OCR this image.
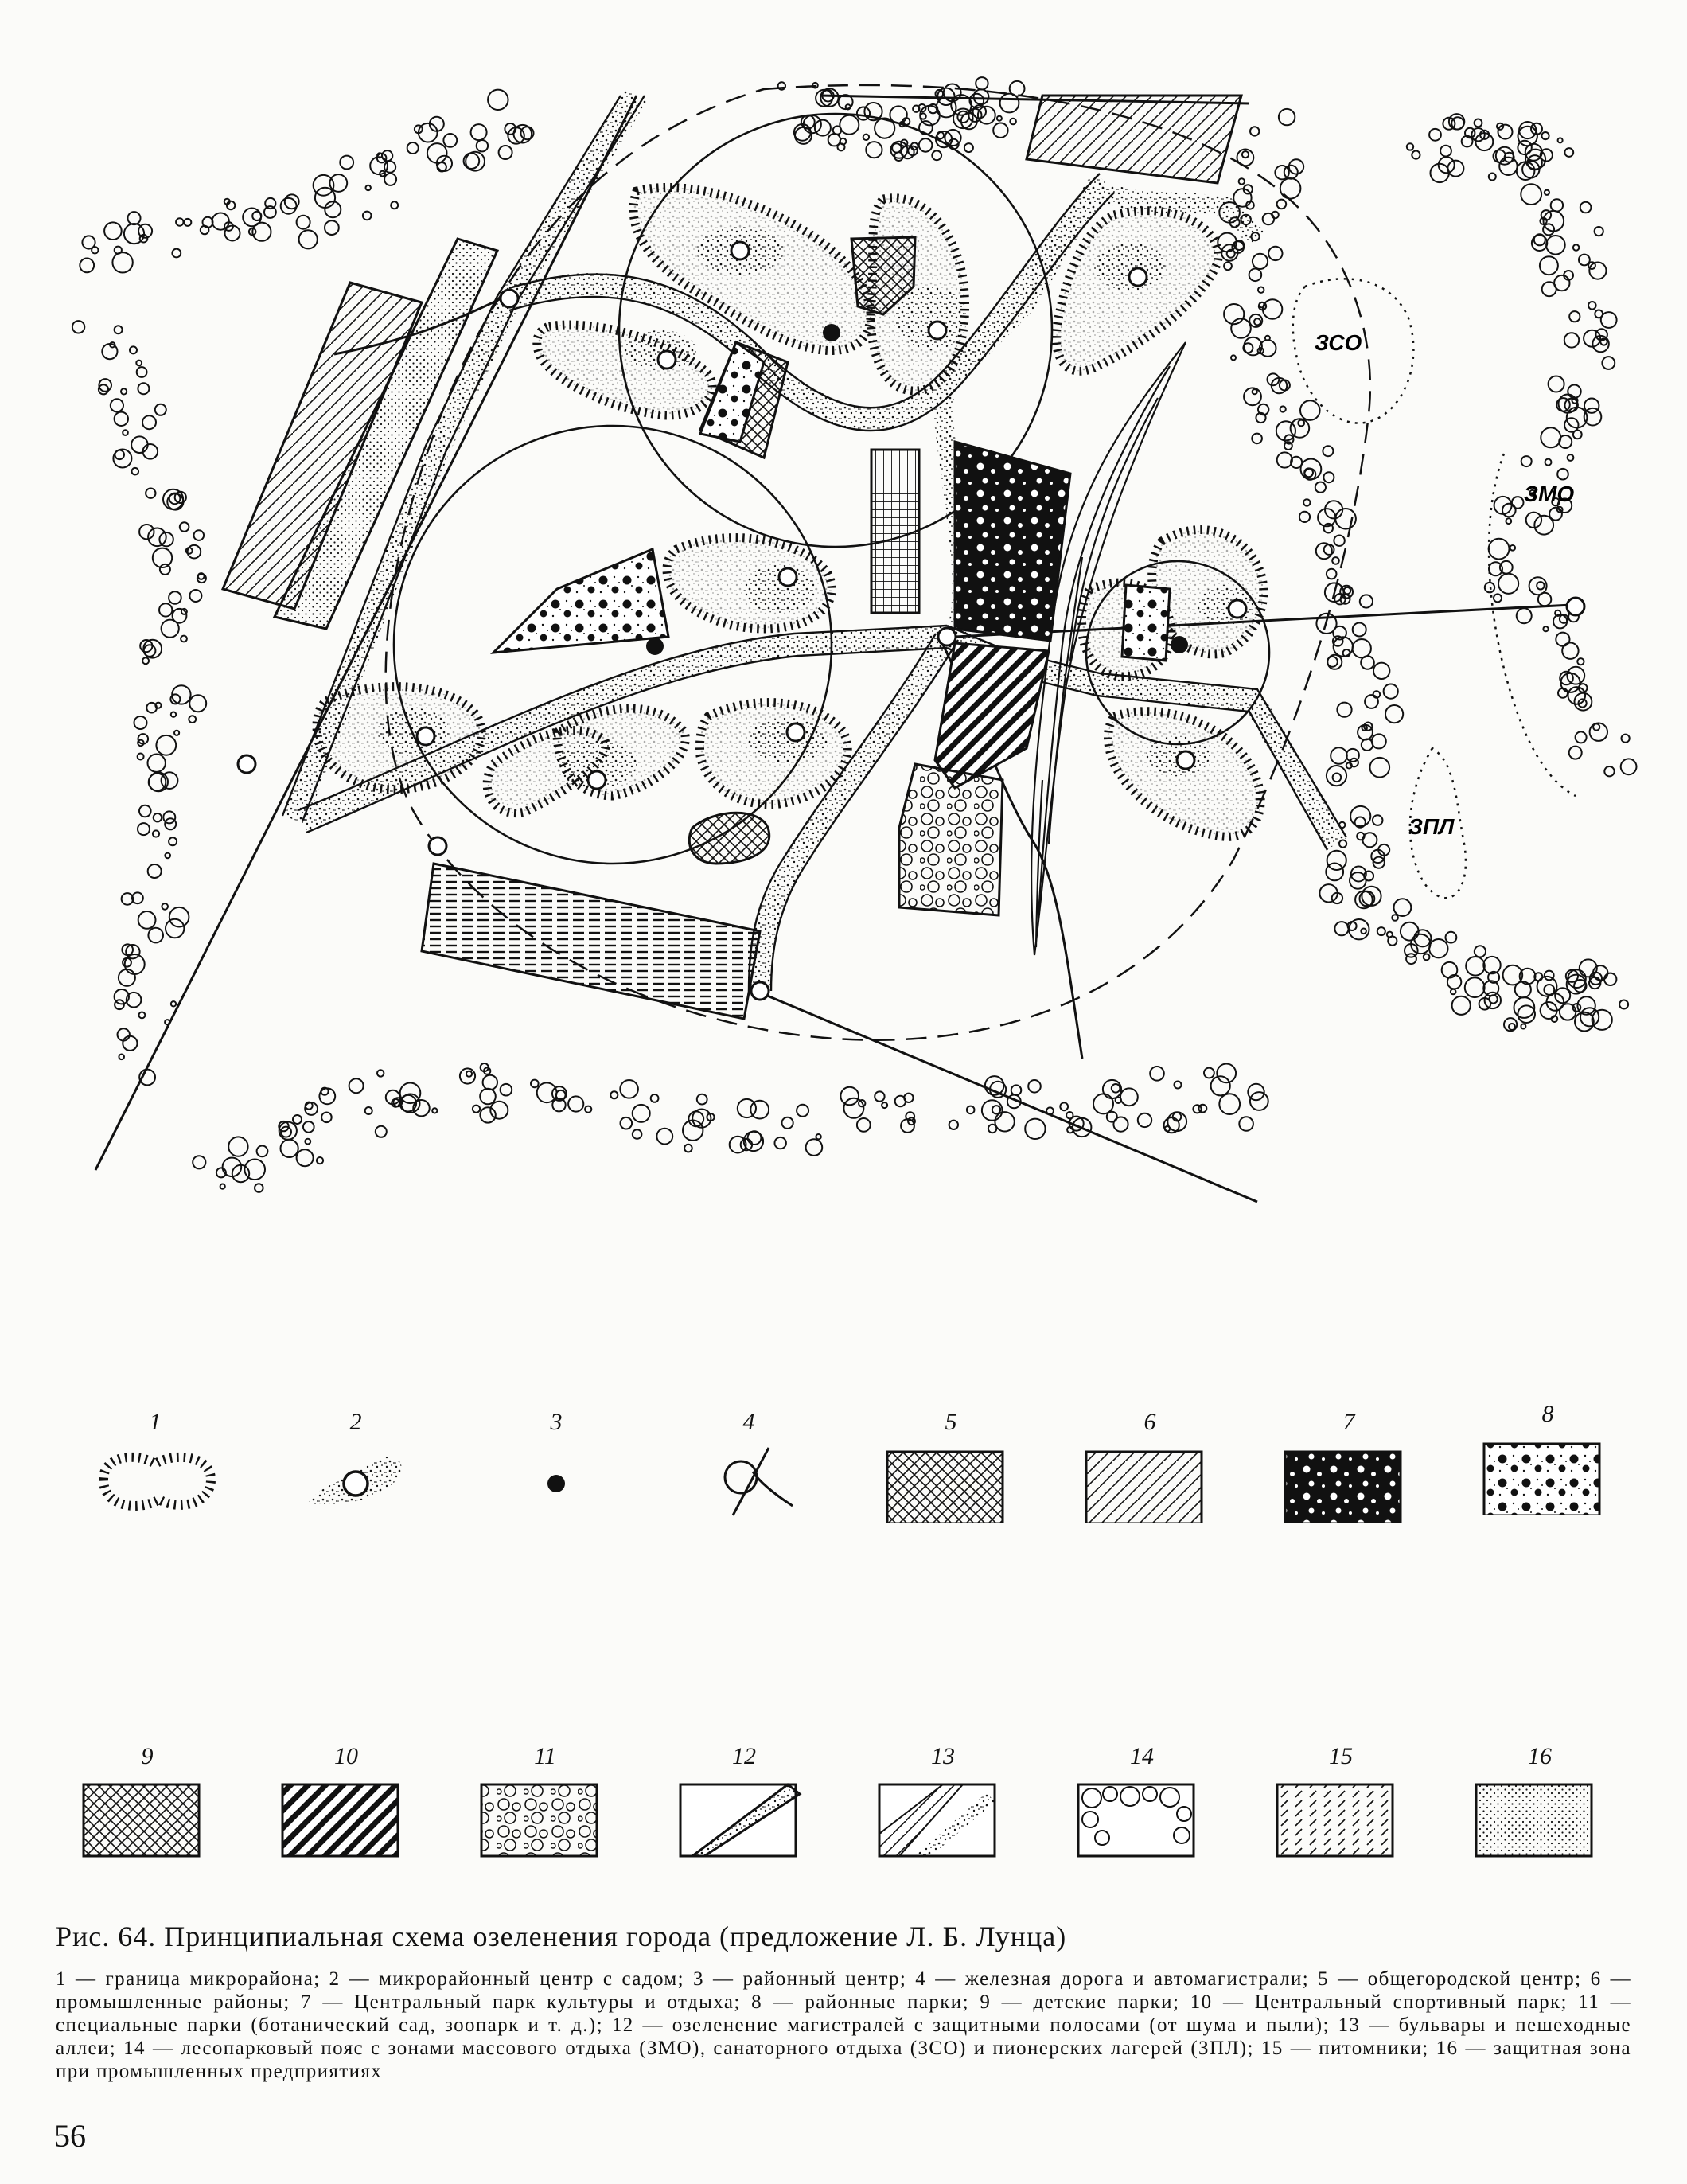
ЗСО
ЗМО
ЗПЛ
1	2	3	4	5	6	7	8
9	10	11	12	13	14	15	16
Рис. 64. Принципиальная схема озеленения города (предложение Л. Б. Лунца)
1 — граница микрорайона; 2 — микрорайонный центр с садом; 3 — районный центр; 4 — железная дорога и автомагистрали; 5 — общегородской центр; 6 — промышленные районы; 7 — Центральный парк культуры и отдыха; 8 — районные парки; 9 — детские парки; 10 — Центральный спортивный парк; 11 — специальные парки (ботанический сад, зоопарк и т. д.); 12 — озеленение магистралей с защитными полосами (от шума и пыли); 13 — бульвары и пешеходные аллеи; 14 — лесопарковый пояс с зонами массового отдыха (ЗМО), санаторного отдыха (ЗСО) и пионерских лагерей (ЗПЛ); 15 — питомники; 16 — защитная зона при промышленных предприятиях
56
